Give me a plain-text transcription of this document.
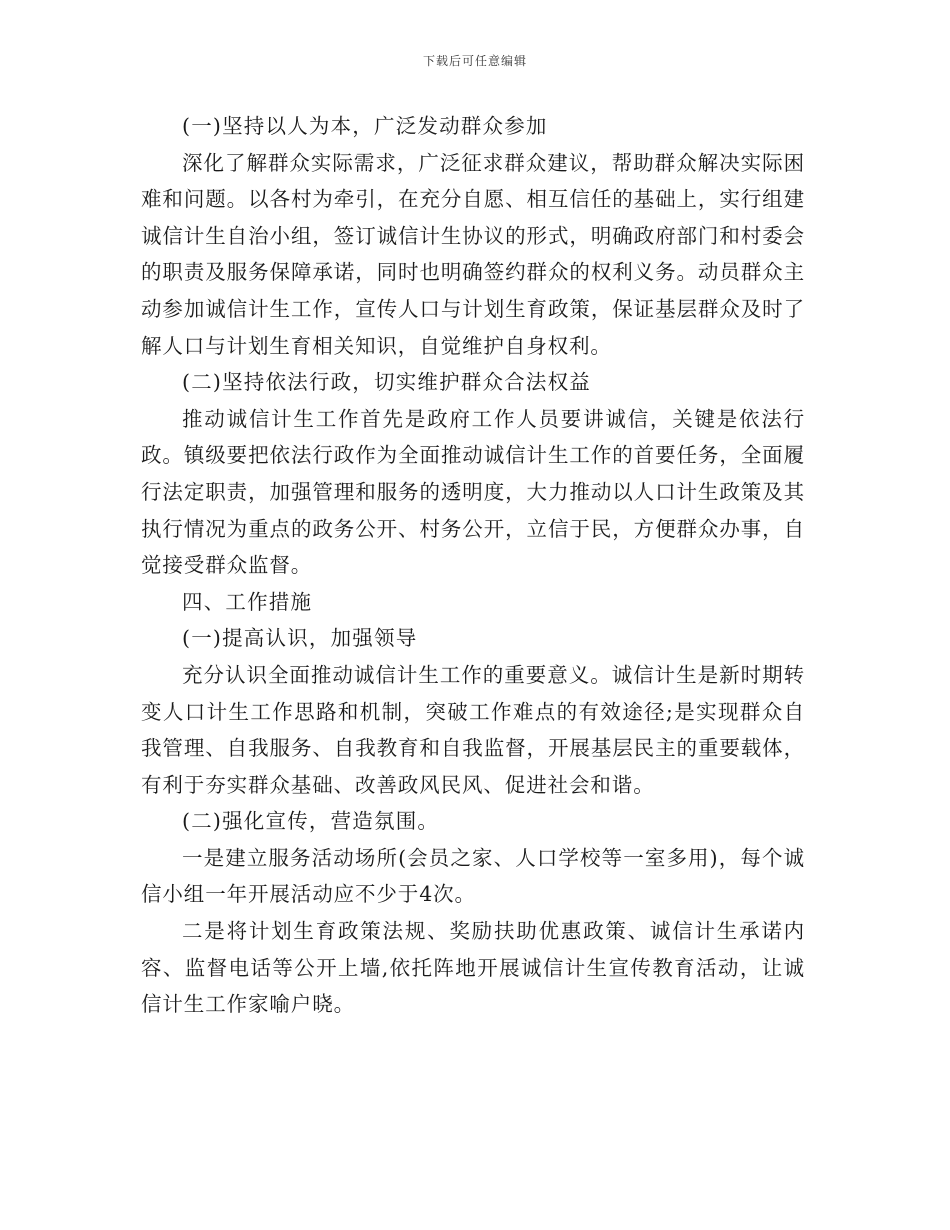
下载后可任意编辑

(一)坚持以人为本，广泛发动群众参加

深化了解群众实际需求，广泛征求群众建议，帮助群众解决实际困难和问题。以各村为牵引，在充分自愿、相互信任的基础上，实行组建诚信计生自治小组，签订诚信计生协议的形式，明确政府部门和村委会的职责及服务保障承诺，同时也明确签约群众的权利义务。动员群众主动参加诚信计生工作，宣传人口与计划生育政策，保证基层群众及时了解人口与计划生育相关知识，自觉维护自身权利。

(二)坚持依法行政，切实维护群众合法权益

推动诚信计生工作首先是政府工作人员要讲诚信，关键是依法行政。镇级要把依法行政作为全面推动诚信计生工作的首要任务，全面履行法定职责，加强管理和服务的透明度，大力推动以人口计生政策及其执行情况为重点的政务公开、村务公开，立信于民，方便群众办事，自觉接受群众监督。

四、工作措施

(一)提高认识，加强领导

充分认识全面推动诚信计生工作的重要意义。诚信计生是新时期转变人口计生工作思路和机制，突破工作难点的有效途径;是实现群众自我管理、自我服务、自我教育和自我监督，开展基层民主的重要载体，有利于夯实群众基础、改善政风民风、促进社会和谐。

(二)强化宣传，营造氛围。

一是建立服务活动场所(会员之家、人口学校等一室多用)，每个诚信小组一年开展活动应不少于4次。

二是将计划生育政策法规、奖励扶助优惠政策、诚信计生承诺内容、监督电话等公开上墙,依托阵地开展诚信计生宣传教育活动，让诚信计生工作家喻户晓。
